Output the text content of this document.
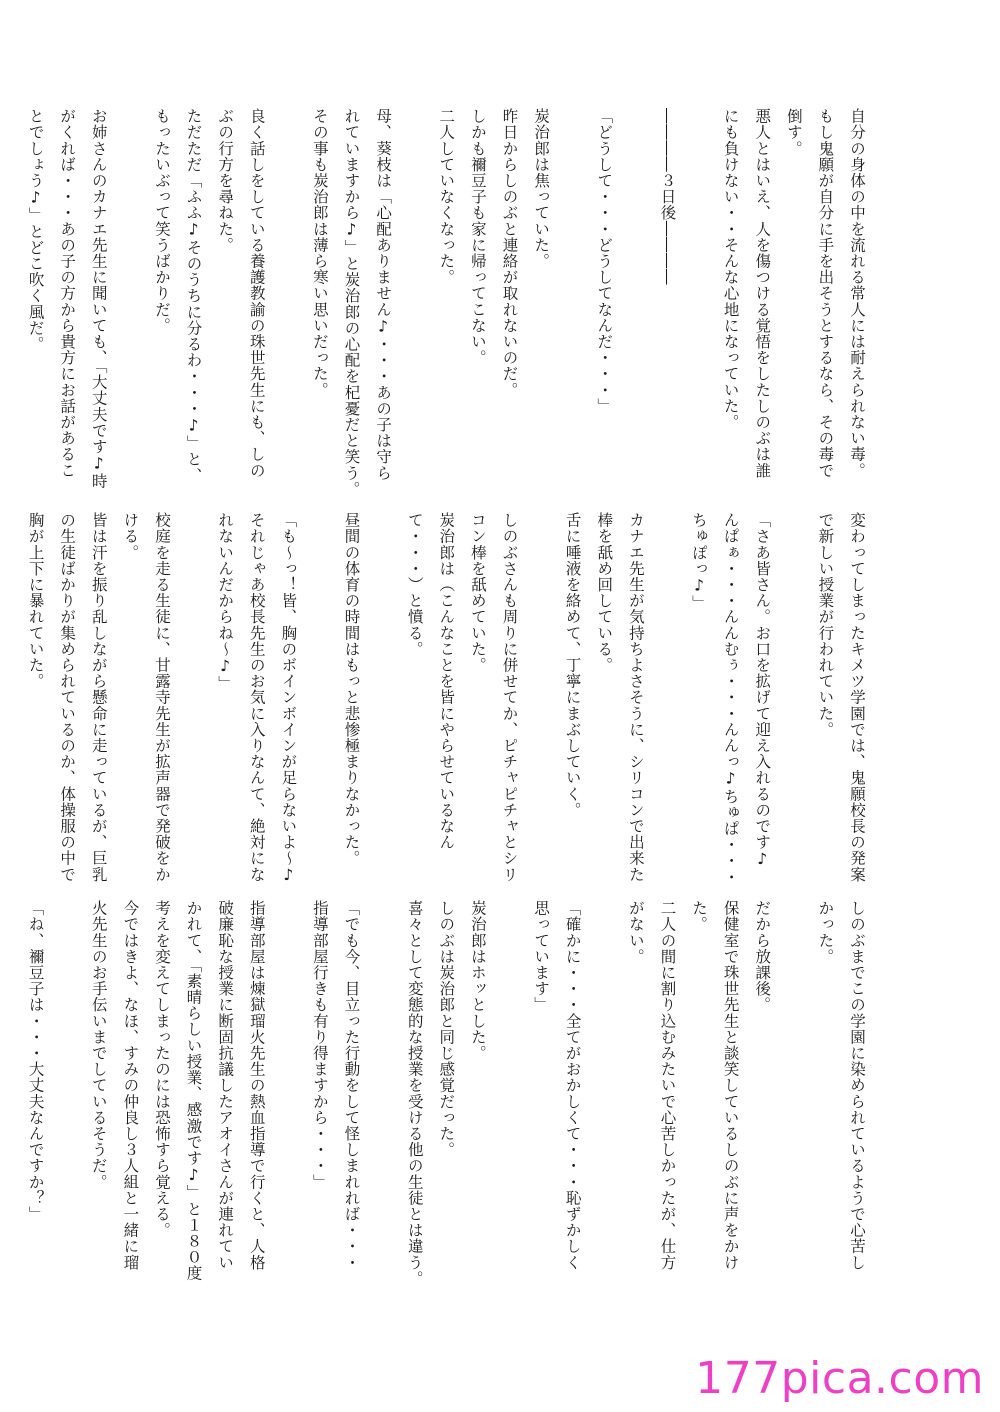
自分の身体の中を流れる常人には耐えられない毒。
もし鬼願が自分に手を出そうとするなら、その毒で
倒す。
悪人とはいえ、人を傷つける覚悟をしたしのぶは誰
にも負けない・・そんな心地になっていた。

――――３日後――――

「どうして・・・どうしてなんだ・・・」

炭治郎は焦っていた。
昨日からしのぶと連絡が取れないのだ。
しかも禰豆子も家に帰ってこない。
二人していなくなった。

母、葵枝は「心配ありません♪・・・あの子は守ら
れていますから♪」と炭治郎の心配を杞憂だと笑う。
その事も炭治郎は薄ら寒い思いだった。

良く話しをしている養護教諭の珠世先生にも、しの
ぶの行方を尋ねた。
ただただ「ふふ♪そのうちに分るわ・・・♪」と、
もったいぶって笑うばかりだ。

お姉さんのカナエ先生に聞いても、「大丈夫です♪時
がくれば・・・あの子の方から貴方にお話があるこ
とでしょう♪」とどこ吹く風だ。

変わってしまったキメツ学園では、鬼願校長の発案
で新しい授業が行われていた。

「さあ皆さん。お口を拡げて迎え入れるのです♪
んぱぁ・・・んんむぅ・・・んんっ♪ちゅぱ・・・
ちゅぽっ♪」

カナエ先生が気持ちよさそうに、シリコンで出来た
棒を舐め回している。
舌に唾液を絡めて、丁寧にまぶしていく。

しのぶさんも周りに併せてか、ピチャピチャとシリ
コン棒を舐めていた。
炭治郎は（こんなことを皆にやらせているなん
て・・・）と憤る。

昼間の体育の時間はもっと悲惨極まりなかった。

「も〜っ！皆、胸のボインボインが足らないよ〜♪
それじゃあ校長先生のお気に入りなんて、絶対にな
れないんだからね〜♪」

校庭を走る生徒に、甘露寺先生が拡声器で発破をか
ける。
皆は汗を振り乱しながら懸命に走っているが、巨乳
の生徒ばかりが集められているのか、体操服の中で
胸が上下に暴れていた。

しのぶまでこの学園に染められているようで心苦し
かった。

だから放課後。
保健室で珠世先生と談笑しているしのぶに声をかけ
た。
二人の間に割り込むみたいで心苦しかったが、仕方
がない。

「確かに・・・全てがおかしくて・・・恥ずかしく
思っています」

炭治郎はホッとした。
しのぶは炭治郎と同じ感覚だった。
喜々として変態的な授業を受ける他の生徒とは違う。

「でも今、目立った行動をして怪しまれれば・・・
指導部屋行きも有り得ますから・・・」

指導部屋は煉獄瑠火先生の熱血指導で行くと、人格
破廉恥な授業に断固抗議したアオイさんが連れてい
かれて、「素晴らしい授業、感激です♪」と１８０度
考えを変えてしまったのには恐怖すら覚える。
今ではきよ、なほ、すみの仲良し３人組と一緒に瑠
火先生のお手伝いまでしているそうだ。

「ね、禰豆子は・・・大丈夫なんですか？」

177pica.com
